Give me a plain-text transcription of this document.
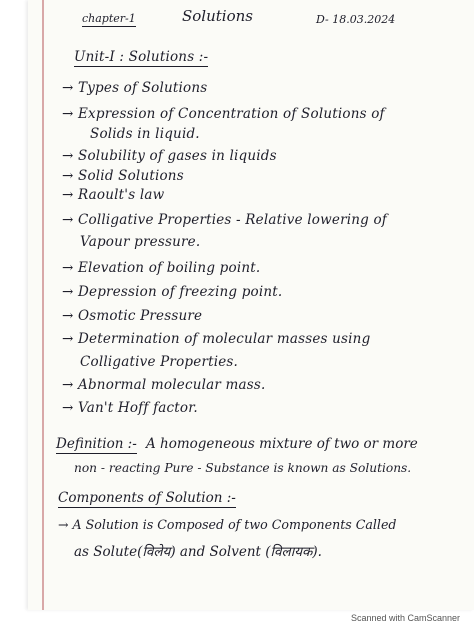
chapter-1	Solutions	D- 18.03.2024
Unit-I : Solutions :-
→ Types of Solutions
→ Expression of Concentration of Solutions of
Solids in liquid.
→ Solubility of gases in liquids
→ Solid Solutions
→ Raoult's law
→ Colligative Properties - Relative lowering of
Vapour pressure.
→ Elevation of boiling point.
→ Depression of freezing point.
→ Osmotic Pressure
→ Determination of molecular masses using
Colligative Properties.
→ Abnormal molecular mass.
→ Van't Hoff factor.
Definition :- A homogeneous mixture of two or more
non - reacting Pure - Substance is known as Solutions.
Components of Solution :-
→ A Solution is Composed of two Components Called
as Solute(विलेय) and Solvent (विलायक).
Scanned with CamScanner
